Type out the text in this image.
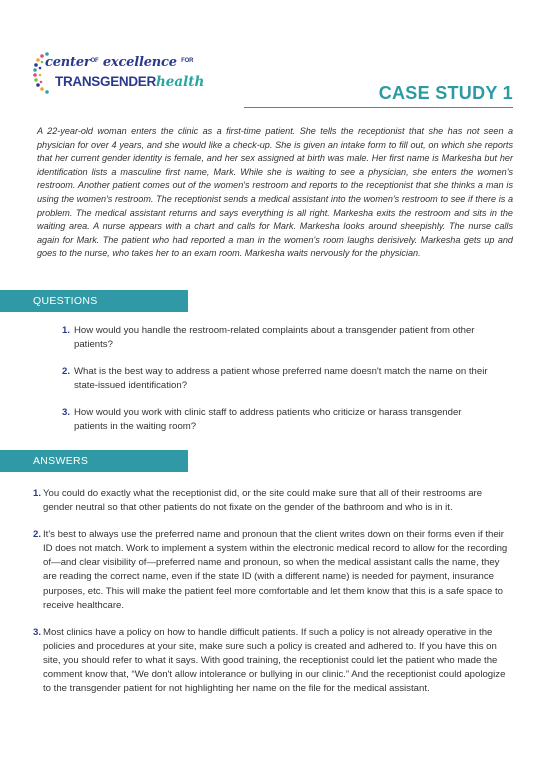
center$^{OF}$ excellence $^{FOR}$
TRANSGENDERhealth
CASE STUDY 1

A 22-year-old woman enters the clinic as a first-time patient. She tells the receptionist that she has not seen a physician for over 4 years, and she would like a check-up. She is given an intake form to fill out, on which she reports that her current gender identity is female, and her sex assigned at birth was male. Her first name is Markesha but her identification lists a masculine first name, Mark. While she is waiting to see a physician, she enters the women's restroom. Another patient comes out of the women's restroom and reports to the receptionist that she thinks a man is using the women's restroom. The receptionist sends a medical assistant into the women's restroom to see if there is a problem. The medical assistant returns and says everything is all right. Markesha exits the restroom and sits in the waiting area. A nurse appears with a chart and calls for Mark. Markesha looks around sheepishly. The nurse calls again for Mark. The patient who had reported a man in the women's room laughs derisively. Markesha gets up and goes to the nurse, who takes her to an exam room. Markesha waits nervously for the physician.

QUESTIONS
1. How would you handle the restroom-related complaints about a transgender patient from other patients?
2. What is the best way to address a patient whose preferred name doesn't match the name on their state-issued identification?
3. How would you work with clinic staff to address patients who criticize or harass transgender patients in the waiting room?
ANSWERS
1. You could do exactly what the receptionist did, or the site could make sure that all of their restrooms are gender neutral so that other patients do not fixate on the gender of the bathroom and who is in it.
2. It's best to always use the preferred name and pronoun that the client writes down on their forms even if their ID does not match. Work to implement a system within the electronic medical record to allow for the recording of—and clear visibility of—preferred name and pronoun, so when the medical assistant calls the name, they are reading the correct name, even if the state ID (with a different name) is needed for payment, insurance purposes, etc. This will make the patient feel more comfortable and let them know that this is a safe space to receive healthcare.
3. Most clinics have a policy on how to handle difficult patients. If such a policy is not already operative in the policies and procedures at your site, make sure such a policy is created and adhered to. If you have this on site, you should refer to what it says. With good training, the receptionist could let the patient who made the comment know that, “We don't allow intolerance or bullying in our clinic.” And the receptionist could apologize to the transgender patient for not highlighting her name on the file for the medical assistant.
